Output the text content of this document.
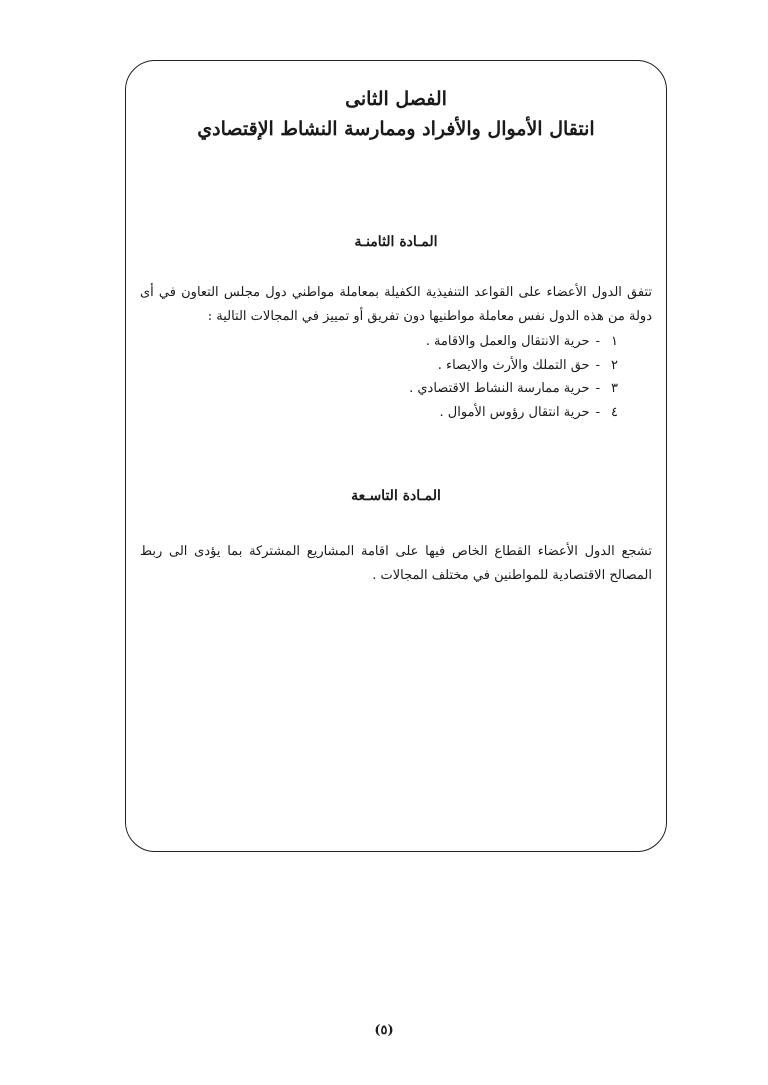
الفصل الثانى
انتقال الأموال والأفراد وممارسة النشاط الإقتصادي
المـادة الثامنـة

تتفق الدول الأعضاء على القواعد التنفيذية الكفيلة بمعاملة مواطني دول مجلس التعاون في أى دولة من هذه الدول نفس معاملة مواطنيها دون تفريق أو تمييز في المجالات التالية :

١-حرية الانتقال والعمل والاقامة .
٢-حق التملك والأرث والايصاء .
٣-حرية ممارسة النشاط الاقتصادي .
٤-حرية انتقال رؤوس الأموال .
المـادة التاسـعة

تشجع الدول الأعضاء القطاع الخاص فيها على اقامة المشاريع المشتركة بما يؤدى الى ربط المصالح الاقتصادية للمواطنين في مختلف المجالات .

(٥)
